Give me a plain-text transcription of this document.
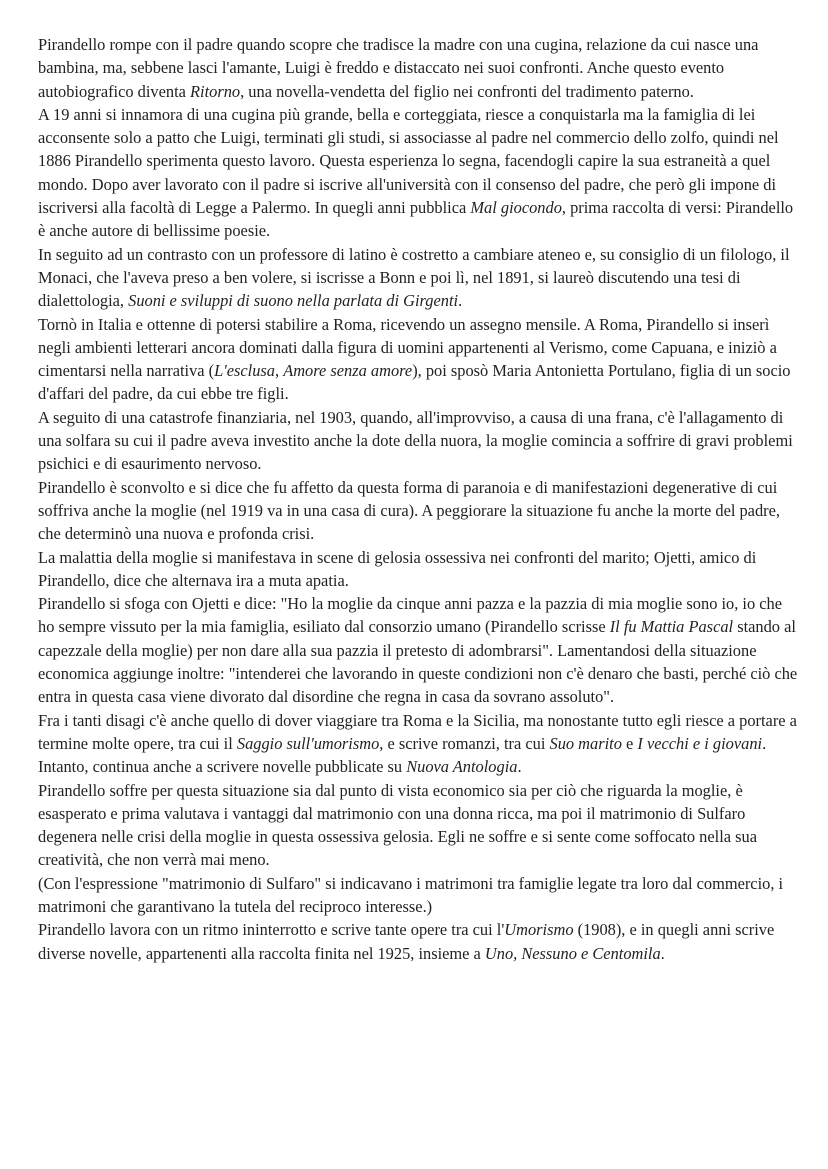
Pirandello rompe con il padre quando scopre che tradisce la madre con una cugina, relazione da cui nasce una bambina, ma, sebbene lasci l'amante, Luigi è freddo e distaccato nei suoi confronti. Anche questo evento autobiografico diventa Ritorno, una novella-vendetta del figlio nei confronti del tradimento paterno.

A 19 anni si innamora di una cugina più grande, bella e corteggiata, riesce a conquistarla ma la famiglia di lei acconsente solo a patto che Luigi, terminati gli studi, si associasse al padre nel commercio dello zolfo, quindi nel 1886 Pirandello sperimenta questo lavoro. Questa esperienza lo segna, facendogli capire la sua estraneità a quel mondo. Dopo aver lavorato con il padre si iscrive all'università con il consenso del padre, che però gli impone di iscriversi alla facoltà di Legge a Palermo. In quegli anni pubblica Mal giocondo, prima raccolta di versi: Pirandello è anche autore di bellissime poesie.

In seguito ad un contrasto con un professore di latino è costretto a cambiare ateneo e, su consiglio di un filologo, il Monaci, che l'aveva preso a ben volere, si iscrisse a Bonn e poi lì, nel 1891, si laureò discutendo una tesi di dialettologia, Suoni e sviluppi di suono nella parlata di Girgenti.

Tornò in Italia e ottenne di potersi stabilire a Roma, ricevendo un assegno mensile. A Roma, Pirandello si inserì negli ambienti letterari ancora dominati dalla figura di uomini appartenenti al Verismo, come Capuana, e iniziò a cimentarsi nella narrativa (L'esclusa, Amore senza amore), poi sposò Maria Antonietta Portulano, figlia di un socio d'affari del padre, da cui ebbe tre figli.

A seguito di una catastrofe finanziaria, nel 1903, quando, all'improvviso, a causa di una frana, c'è l'allagamento di una solfara su cui il padre aveva investito anche la dote della nuora, la moglie comincia a soffrire di gravi problemi psichici e di esaurimento nervoso.

Pirandello è sconvolto e si dice che fu affetto da questa forma di paranoia e di manifestazioni degenerative di cui soffriva anche la moglie (nel 1919 va in una casa di cura). A peggiorare la situazione fu anche la morte del padre, che determinò una nuova e profonda crisi.

La malattia della moglie si manifestava in scene di gelosia ossessiva nei confronti del marito; Ojetti, amico di Pirandello, dice che alternava ira a muta apatia.

Pirandello si sfoga con Ojetti e dice: "Ho la moglie da cinque anni pazza e la pazzia di mia moglie sono io, io che ho sempre vissuto per la mia famiglia, esiliato dal consorzio umano (Pirandello scrisse Il fu Mattia Pascal stando al capezzale della moglie) per non dare alla sua pazzia il pretesto di adombrarsi". Lamentandosi della situazione economica aggiunge inoltre: "intenderei che lavorando in queste condizioni non c'è denaro che basti, perché ciò che entra in questa casa viene divorato dal disordine che regna in casa da sovrano assoluto".

Fra i tanti disagi c'è anche quello di dover viaggiare tra Roma e la Sicilia, ma nonostante tutto egli riesce a portare a termine molte opere, tra cui il Saggio sull'umorismo, e scrive romanzi, tra cui Suo marito e I vecchi e i giovani. Intanto, continua anche a scrivere novelle pubblicate su Nuova Antologia.

Pirandello soffre per questa situazione sia dal punto di vista economico sia per ciò che riguarda la moglie, è esasperato e prima valutava i vantaggi dal matrimonio con una donna ricca, ma poi il matrimonio di Sulfaro degenera nelle crisi della moglie in questa ossessiva gelosia. Egli ne soffre e si sente come soffocato nella sua creatività, che non verrà mai meno.

(Con l'espressione "matrimonio di Sulfaro" si indicavano i matrimoni tra famiglie legate tra loro dal commercio, i matrimoni che garantivano la tutela del reciproco interesse.)

Pirandello lavora con un ritmo ininterrotto e scrive tante opere tra cui l'Umorismo (1908), e in quegli anni scrive diverse novelle, appartenenti alla raccolta finita nel 1925, insieme a Uno, Nessuno e Centomila.
